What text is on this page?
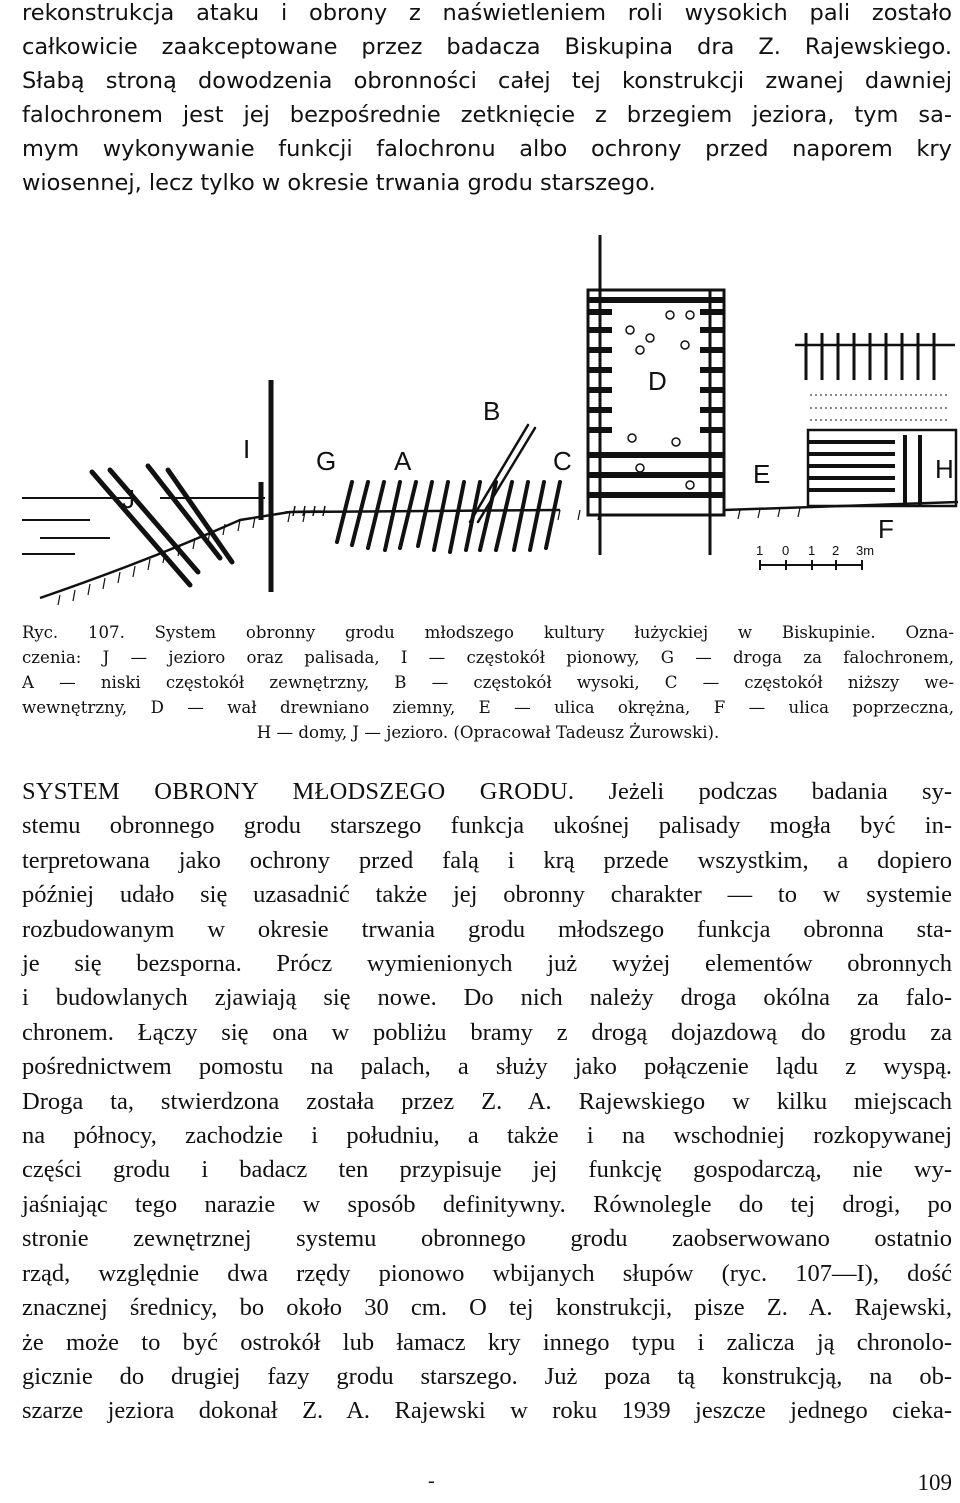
rekonstrukcja ataku i obrony z naświetleniem roli wysokich pali zostało
całkowicie zaakceptowane przez badacza Biskupina dra Z. Rajewskiego.
Słabą stroną dowodzenia obronności całej tej konstrukcji zwanej dawniej
falochronem jest jej bezpośrednie zetknięcie z brzegiem jeziora, tym sa-
mym wykonywanie funkcji falochronu albo ochrony przed naporem kry
wiosennej, lecz tylko w okresie trwania grodu starszego.
I	G A
B
C
D
E
J
H
F
1 0 1 2 3m
Ryc. 107. System obronny grodu młodszego kultury łużyckiej w Biskupinie. Ozna-
czenia: J — jezioro oraz palisada, I — częstokół pionowy, G — droga za falochronem,
A — niski częstokół zewnętrzny, B — częstokół wysoki, C — częstokół niższy we-
wewnętrzny, D — wał drewniano ziemny, E — ulica okrężna, F — ulica poprzeczna,
H — domy, J — jezioro. (Opracował Tadeusz Żurowski).
SYSTEM OBRONY MŁODSZEGO GRODU. Jeżeli podczas badania sy-
stemu obronnego grodu starszego funkcja ukośnej palisady mogła być in-
terpretowana jako ochrony przed falą i krą przede wszystkim, a dopiero
później udało się uzasadnić także jej obronny charakter — to w systemie
rozbudowanym w okresie trwania grodu młodszego funkcja obronna sta-
je się bezsporna. Prócz wymienionych już wyżej elementów obronnych
i budowlanych zjawiają się nowe. Do nich należy droga okólna za falo-
chronem. Łączy się ona w pobliżu bramy z drogą dojazdową do grodu za
pośrednictwem pomostu na palach, a służy jako połączenie lądu z wyspą.
Droga ta, stwierdzona została przez Z. A. Rajewskiego w kilku miejscach
na północy, zachodzie i południu, a także i na wschodniej rozkopywanej
części grodu i badacz ten przypisuje jej funkcję gospodarczą, nie wy-
jaśniając tego narazie w sposób definitywny. Równolegle do tej drogi, po
stronie zewnętrznej systemu obronnego grodu zaobserwowano ostatnio
rząd, względnie dwa rzędy pionowo wbijanych słupów (ryc. 107—I), dość
znacznej średnicy, bo około 30 cm. O tej konstrukcji, pisze Z. A. Rajewski,
że może to być ostrokół lub łamacz kry innego typu i zalicza ją chronolo-
gicznie do drugiej fazy grodu starszego. Już poza tą konstrukcją, na ob-
szarze jeziora dokonał Z. A. Rajewski w roku 1939 jeszcze jednego cieka-
-	109
